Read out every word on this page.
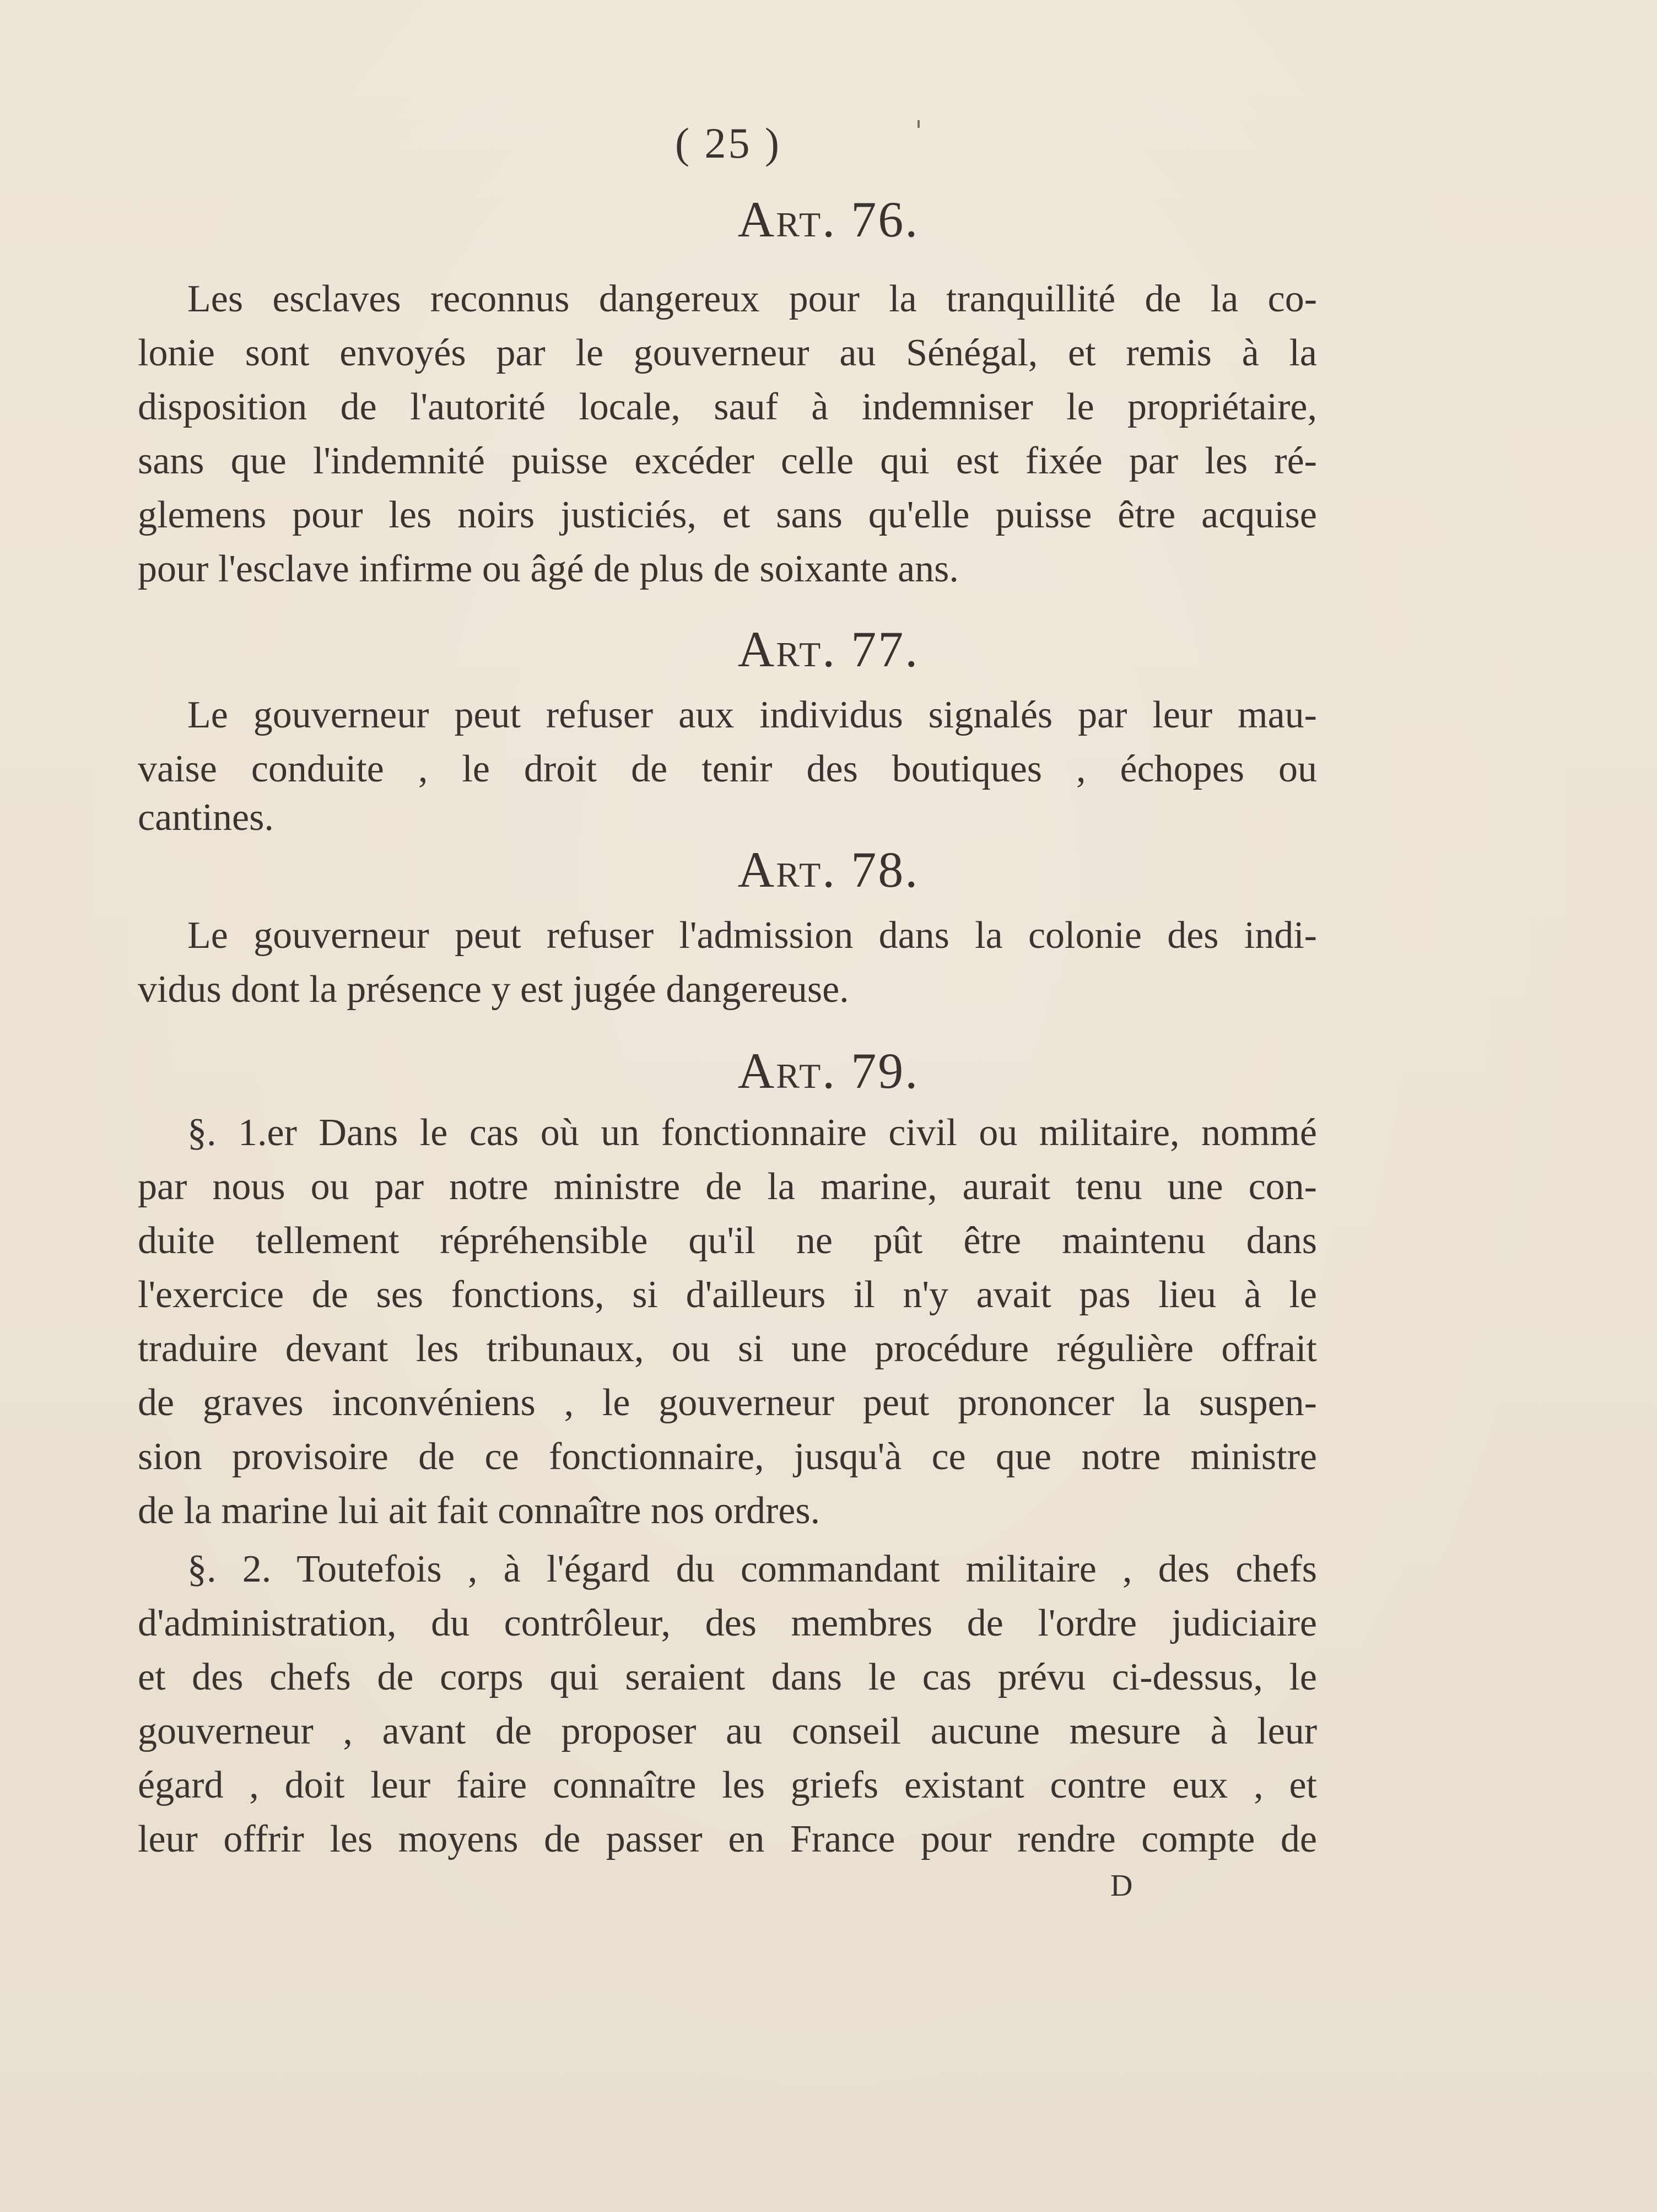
( 25 )
Art. 76.
Les esclaves reconnus dangereux pour la tranquillité de la co-
lonie sont envoyés par le gouverneur au Sénégal, et remis à la
disposition de l'autorité locale, sauf à indemniser le propriétaire,
sans que l'indemnité puisse excéder celle qui est fixée par les ré-
glemens pour les noirs justiciés, et sans qu'elle puisse être acquise
pour l'esclave infirme ou âgé de plus de soixante ans.
Art. 77.
Le gouverneur peut refuser aux individus signalés par leur mau-
vaise conduite , le droit de tenir des boutiques , échopes ou
cantines.
Art. 78.
Le gouverneur peut refuser l'admission dans la colonie des indi-
vidus dont la présence y est jugée dangereuse.
Art. 79.
§. 1.er Dans le cas où un fonctionnaire civil ou militaire, nommé
par nous ou par notre ministre de la marine, aurait tenu une con-
duite tellement répréhensible qu'il ne pût être maintenu dans
l'exercice de ses fonctions, si d'ailleurs il n'y avait pas lieu à le
traduire devant les tribunaux, ou si une procédure régulière offrait
de graves inconvéniens , le gouverneur peut prononcer la suspen-
sion provisoire de ce fonctionnaire, jusqu'à ce que notre ministre
de la marine lui ait fait connaître nos ordres.
§. 2. Toutefois , à l'égard du commandant militaire , des chefs
d'administration, du contrôleur, des membres de l'ordre judiciaire
et des chefs de corps qui seraient dans le cas prévu ci-dessus, le
gouverneur , avant de proposer au conseil aucune mesure à leur
égard , doit leur faire connaître les griefs existant contre eux , et
leur offrir les moyens de passer en France pour rendre compte de
D
